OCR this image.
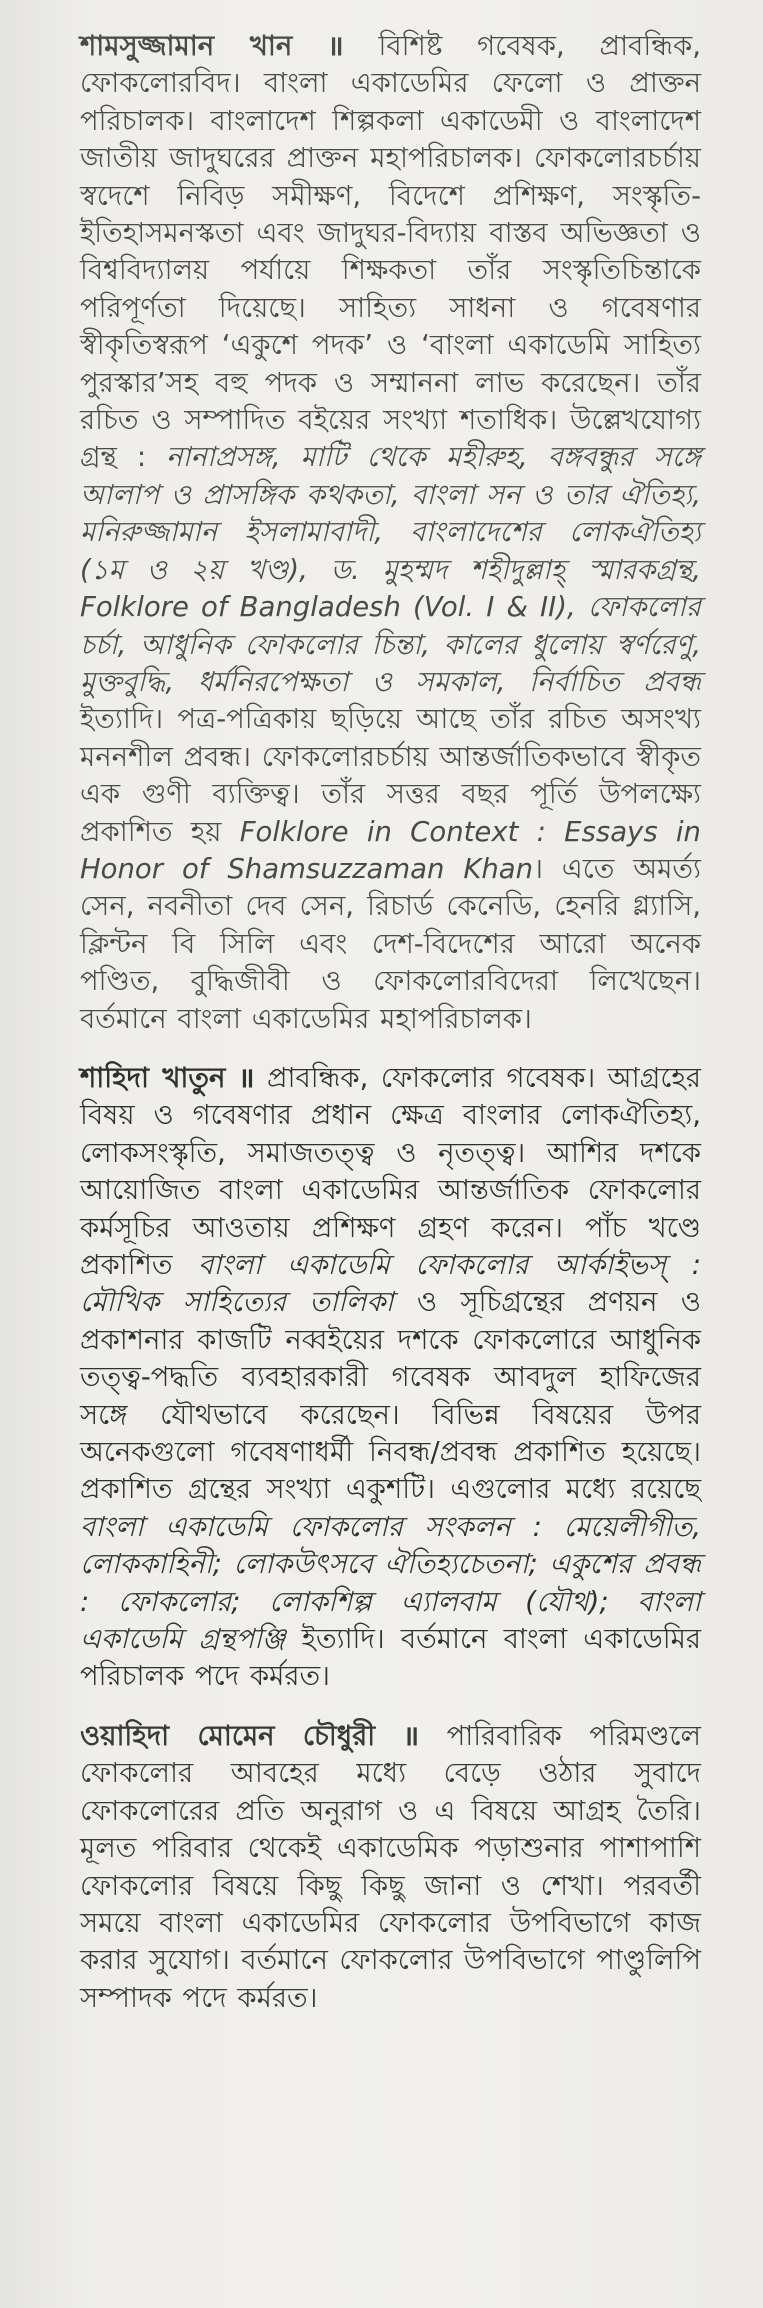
শামসুজ্জামান খান ॥ বিশিষ্ট গবেষক, প্রাবন্ধিক, ফোকলোরবিদ। বাংলা একাডেমির ফেলো ও প্রাক্তন পরিচালক। বাংলাদেশ শিল্পকলা একাডেমী ও বাংলাদেশ জাতীয় জাদুঘরের প্রাক্তন মহাপরিচালক। ফোকলোরচর্চায় স্বদেশে নিবিড় সমীক্ষণ, বিদেশে প্রশিক্ষণ, সংস্কৃতি-ইতিহাসমনস্কতা এবং জাদুঘর-বিদ্যায় বাস্তব অভিজ্ঞতা ও বিশ্ববিদ্যালয় পর্যায়ে শিক্ষকতা তাঁর সংস্কৃতিচিন্তাকে পরিপূর্ণতা দিয়েছে। সাহিত্য সাধনা ও গবেষণার স্বীকৃতিস্বরূপ ‘একুশে পদক’ ও ‘বাংলা একাডেমি সাহিত্য পুরস্কার’সহ বহু পদক ও সম্মাননা লাভ করেছেন। তাঁর রচিত ও সম্পাদিত বইয়ের সংখ্যা শতাধিক। উল্লেখযোগ্য গ্রন্থ : নানাপ্রসঙ্গ, মাটি থেকে মহীরুহ, বঙ্গবন্ধুর সঙ্গে আলাপ ও প্রাসঙ্গিক কথকতা, বাংলা সন ও তার ঐতিহ্য, মনিরুজ্জামান ইসলামাবাদী, বাংলাদেশের লোকঐতিহ্য (১ম ও ২য় খণ্ড), ড. মুহম্মদ শহীদুল্লাহ্ স্মারকগ্রন্থ, Folklore of Bangladesh (Vol. I & II), ফোকলোর চর্চা, আধুনিক ফোকলোর চিন্তা, কালের ধুলোয় স্বর্ণরেণু, মুক্তবুদ্ধি, ধর্মনিরপেক্ষতা ও সমকাল, নির্বাচিত প্রবন্ধ ইত্যাদি। পত্র-পত্রিকায় ছড়িয়ে আছে তাঁর রচিত অসংখ্য মননশীল প্রবন্ধ। ফোকলোরচর্চায় আন্তর্জাতিকভাবে স্বীকৃত এক গুণী ব্যক্তিত্ব। তাঁর সত্তর বছর পূর্তি উপলক্ষ্যে প্রকাশিত হয় Folklore in Context : Essays in Honor of Shamsuzzaman Khan। এতে অমর্ত্য সেন, নবনীতা দেব সেন, রিচার্ড কেনেডি, হেনরি গ্ল্যাসি, ক্লিন্টন বি সিলি এবং দেশ-বিদেশের আরো অনেক পণ্ডিত, বুদ্ধিজীবী ও ফোকলোরবিদেরা লিখেছেন। বর্তমানে বাংলা একাডেমির মহাপরিচালক।

শাহিদা খাতুন ॥ প্রাবন্ধিক, ফোকলোর গবেষক। আগ্রহের বিষয় ও গবেষণার প্রধান ক্ষেত্র বাংলার লোকঐতিহ্য, লোকসংস্কৃতি, সমাজতত্ত্ব ও নৃতত্ত্ব। আশির দশকে আয়োজিত বাংলা একাডেমির আন্তর্জাতিক ফোকলোর কর্মসূচির আওতায় প্রশিক্ষণ গ্রহণ করেন। পাঁচ খণ্ডে প্রকাশিত বাংলা একাডেমি ফোকলোর আর্কাইভস্ : মৌখিক সাহিত্যের তালিকা ও সূচিগ্রন্থের প্রণয়ন ও প্রকাশনার কাজটি নব্বইয়ের দশকে ফোকলোরে আধুনিক তত্ত্ব-পদ্ধতি ব্যবহারকারী গবেষক আবদুল হাফিজের সঙ্গে যৌথভাবে করেছেন। বিভিন্ন বিষয়ের উপর অনেকগুলো গবেষণাধর্মী নিবন্ধ/প্রবন্ধ প্রকাশিত হয়েছে। প্রকাশিত গ্রন্থের সংখ্যা একুশটি। এগুলোর মধ্যে রয়েছে বাংলা একাডেমি ফোকলোর সংকলন : মেয়েলীগীত, লোককাহিনী; লোকউৎসবে ঐতিহ্যচেতনা; একুশের প্রবন্ধ : ফোকলোর; লোকশিল্প এ্যালবাম (যৌথ); বাংলা একাডেমি গ্রন্থপঞ্জি ইত্যাদি। বর্তমানে বাংলা একাডেমির পরিচালক পদে কর্মরত।

ওয়াহিদা মোমেন চৌধুরী ॥ পারিবারিক পরিমণ্ডলে ফোকলোর আবহের মধ্যে বেড়ে ওঠার সুবাদে ফোকলোরের প্রতি অনুরাগ ও এ বিষয়ে আগ্রহ তৈরি। মূলত পরিবার থেকেই একাডেমিক পড়াশুনার পাশাপাশি ফোকলোর বিষয়ে কিছু কিছু জানা ও শেখা। পরবর্তী সময়ে বাংলা একাডেমির ফোকলোর উপবিভাগে কাজ করার সুযোগ। বর্তমানে ফোকলোর উপবিভাগে পাণ্ডুলিপি সম্পাদক পদে কর্মরত।
